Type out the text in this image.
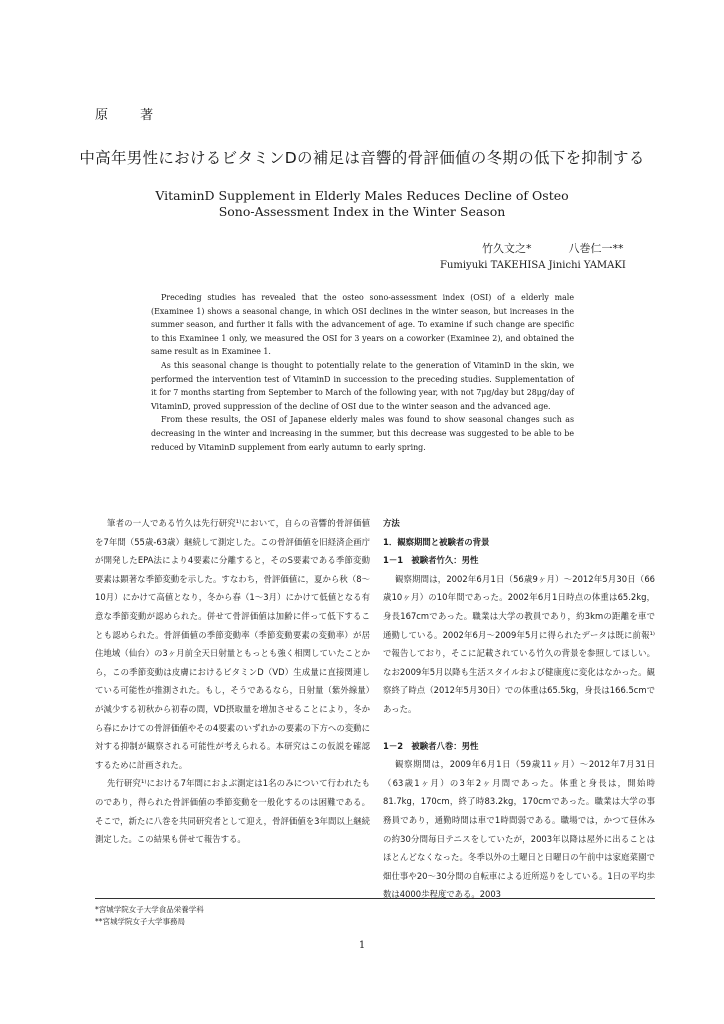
原 著
中高年男性におけるビタミンDの補足は音響的骨評価値の冬期の低下を抑制する
VitaminD Supplement in Elderly Males Reduces Decline of Osteo
Sono-Assessment Index in the Winter Season
竹久文之*	八巻仁一**
Fumiyuki TAKEHISA Jinichi YAMAKI

Preceding studies has revealed that the osteo sono-assessment index (OSI) of a elderly male (Examinee 1) shows a seasonal change, in which OSI declines in the winter season, but increases in the summer season, and further it falls with the advancement of age. To examine if such change are specific to this Examinee 1 only, we measured the OSI for 3 years on a coworker (Examinee 2), and obtained the same result as in Examinee 1.

As this seasonal change is thought to potentially relate to the generation of VitaminD in the skin, we performed the intervention test of VitaminD in succession to the preceding studies. Supplementation of it for 7 months starting from September to March of the following year, with not 7μg/day but 28μg/day of VitaminD, proved suppression of the decline of OSI due to the winter season and the advanced age.

From these results, the OSI of Japanese elderly males was found to show seasonal changes such as decreasing in the winter and increasing in the summer, but this decrease was suggested to be able to be reduced by VitaminD supplement from early autumn to early spring.

筆者の一人である竹久は先行研究¹⁾において，自らの音響的骨評価値を7年間（55歳-63歳）継続して測定した。この骨評価値を旧経済企画庁が開発したEPA法により4要素に分離すると，そのS要素である季節変動要素は顕著な季節変動を示した。すなわち，骨評価値に，夏から秋（8～10月）にかけて高値となり，冬から春（1～3月）にかけて低値となる有意な季節変動が認められた。併せて骨評価値は加齢に伴って低下することも認められた。骨評価値の季節変動率（季節変動要素の変動率）が居住地域（仙台）の3ヶ月前全天日射量ともっとも強く相関していたことから，この季節変動は皮膚におけるビタミンD（VD）生成量に直接関連している可能性が推測された。もし，そうであるなら，日射量（紫外線量）が減少する初秋から初春の間，VD摂取量を増加させることにより，冬から春にかけての骨評価値やその4要素のいずれかの要素の下方への変動に対する抑制が観察される可能性が考えられる。本研究はこの仮説を確認するために計画された。

先行研究¹⁾における7年間におよぶ測定は1名のみについて行われたものであり，得られた骨評価値の季節変動を一般化するのは困難である。そこで，新たに八巻を共同研究者として迎え，骨評価値を3年間以上継続測定した。この結果も併せて報告する。

方法

1．観察期間と被験者の背景

1－1　被験者竹久：男性

観察期間は，2002年6月1日（56歳9ヶ月）～2012年5月30日（66歳10ヶ月）の10年間であった。2002年6月1日時点の体重は65.2kg，身長167cmであった。職業は大学の教員であり，約3kmの距離を車で通勤している。2002年6月～2009年5月に得られたデータは既に前報¹⁾で報告しており，そこに記載されている竹久の背景を参照してほしい。なお2009年5月以降も生活スタイルおよび健康度に変化はなかった。観察終了時点（2012年5月30日）での体重は65.5kg，身長は166.5cmであった。

1－2　被験者八巻：男性

観察期間は，2009年6月1日（59歳11ヶ月）～2012年7月31日（63歳1ヶ月）の3年2ヶ月間であった。体重と身長は，開始時81.7kg，170cm，終了時83.2kg，170cmであった。職業は大学の事務員であり，通勤時間は車で1時間弱である。職場では，かつて昼休みの約30分間毎日テニスをしていたが，2003年以降は屋外に出ることはほとんどなくなった。冬季以外の土曜日と日曜日の午前中は家庭菜園で畑仕事や20～30分間の自転車による近所巡りをしている。1日の平均歩数は4000歩程度である。2003

*宮城学院女子大学食品栄養学科
**宮城学院女子大学事務局
1
